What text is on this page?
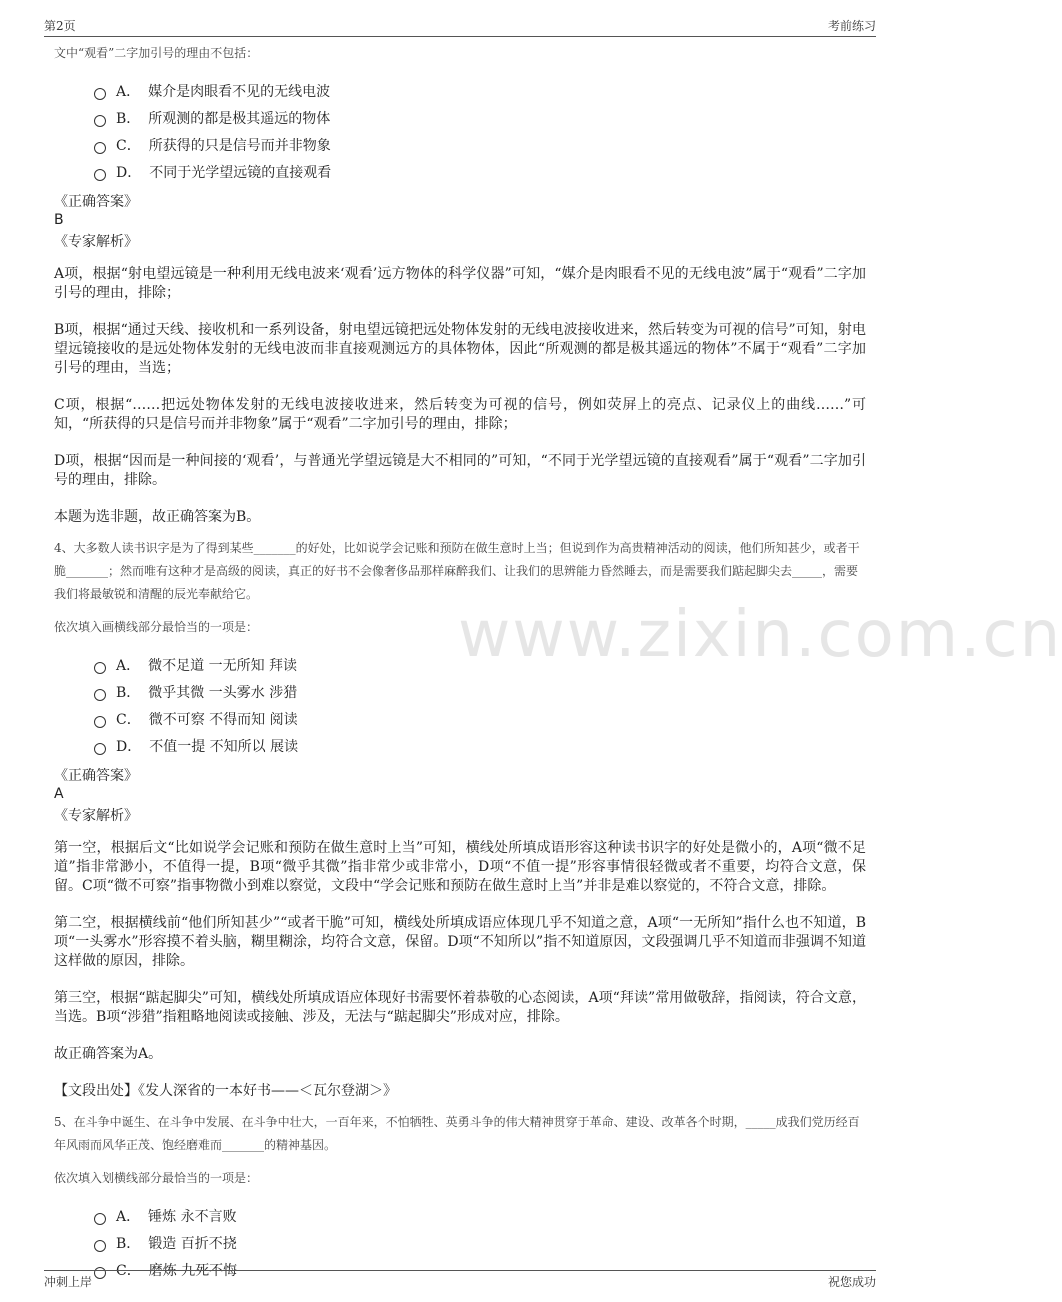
第2页	考前练习
www.zixin.com.cn

文中“观看”二字加引号的理由不包括：

A． 媒介是肉眼看不见的无线电波
B． 所观测的都是极其遥远的物体
C． 所获得的只是信号而并非物象
D． 不同于光学望远镜的直接观看

《正确答案》

B

《专家解析》

A项，根据“射电望远镜是一种利用无线电波来‘观看’远方物体的科学仪器”可知，“媒介是肉眼看不见的无线电波”属于“观看”二字加引号的理由，排除；

B项，根据“通过天线、接收机和一系列设备，射电望远镜把远处物体发射的无线电波接收进来，然后转变为可视的信号”可知，射电望远镜接收的是远处物体发射的无线电波而非直接观测远方的具体物体，因此“所观测的都是极其遥远的物体”不属于“观看”二字加引号的理由，当选；

C项，根据“……把远处物体发射的无线电波接收进来，然后转变为可视的信号，例如荧屏上的亮点、记录仪上的曲线……”可知，“所获得的只是信号而并非物象”属于“观看”二字加引号的理由，排除；

D项，根据“因而是一种间接的‘观看’，与普通光学望远镜是大不相同的”可知，“不同于光学望远镜的直接观看”属于“观看”二字加引号的理由，排除。

本题为选非题，故正确答案为B。

4、大多数人读书识字是为了得到某些_______的好处，比如说学会记账和预防在做生意时上当；但说到作为高贵精神活动的阅读，他们所知甚少，或者干脆_______；然而唯有这种才是高级的阅读，真正的好书不会像奢侈品那样麻醉我们、让我们的思辨能力昏然睡去，而是需要我们踮起脚尖去_____，需要我们将最敏锐和清醒的辰光奉献给它。

依次填入画横线部分最恰当的一项是：

A． 微不足道 一无所知 拜读
B． 微乎其微 一头雾水 涉猎
C． 微不可察 不得而知 阅读
D． 不值一提 不知所以 展读

《正确答案》

A

《专家解析》

第一空，根据后文“比如说学会记账和预防在做生意时上当”可知，横线处所填成语形容这种读书识字的好处是微小的，A项“微不足道”指非常渺小，不值得一提，B项“微乎其微”指非常少或非常小，D项“不值一提”形容事情很轻微或者不重要，均符合文意，保留。C项“微不可察”指事物微小到难以察觉，文段中“学会记账和预防在做生意时上当”并非是难以察觉的，不符合文意，排除。

第二空，根据横线前“他们所知甚少”“或者干脆”可知，横线处所填成语应体现几乎不知道之意，A项“一无所知”指什么也不知道，B项“一头雾水”形容摸不着头脑，糊里糊涂，均符合文意，保留。D项“不知所以”指不知道原因，文段强调几乎不知道而非强调不知道这样做的原因，排除。

第三空，根据“踮起脚尖”可知，横线处所填成语应体现好书需要怀着恭敬的心态阅读，A项“拜读”常用做敬辞，指阅读，符合文意，当选。B项“涉猎”指粗略地阅读或接触、涉及，无法与“踮起脚尖”形成对应，排除。

故正确答案为A。

【文段出处】《发人深省的一本好书——＜瓦尔登湖＞》

5、在斗争中诞生、在斗争中发展、在斗争中壮大，一百年来，不怕牺牲、英勇斗争的伟大精神贯穿于革命、建设、改革各个时期，_____成我们党历经百年风雨而风华正茂、饱经磨难而_______的精神基因。

依次填入划横线部分最恰当的一项是：

A． 锤炼 永不言败
B． 锻造 百折不挠
C． 磨炼 九死不悔
冲刺上岸	祝您成功
